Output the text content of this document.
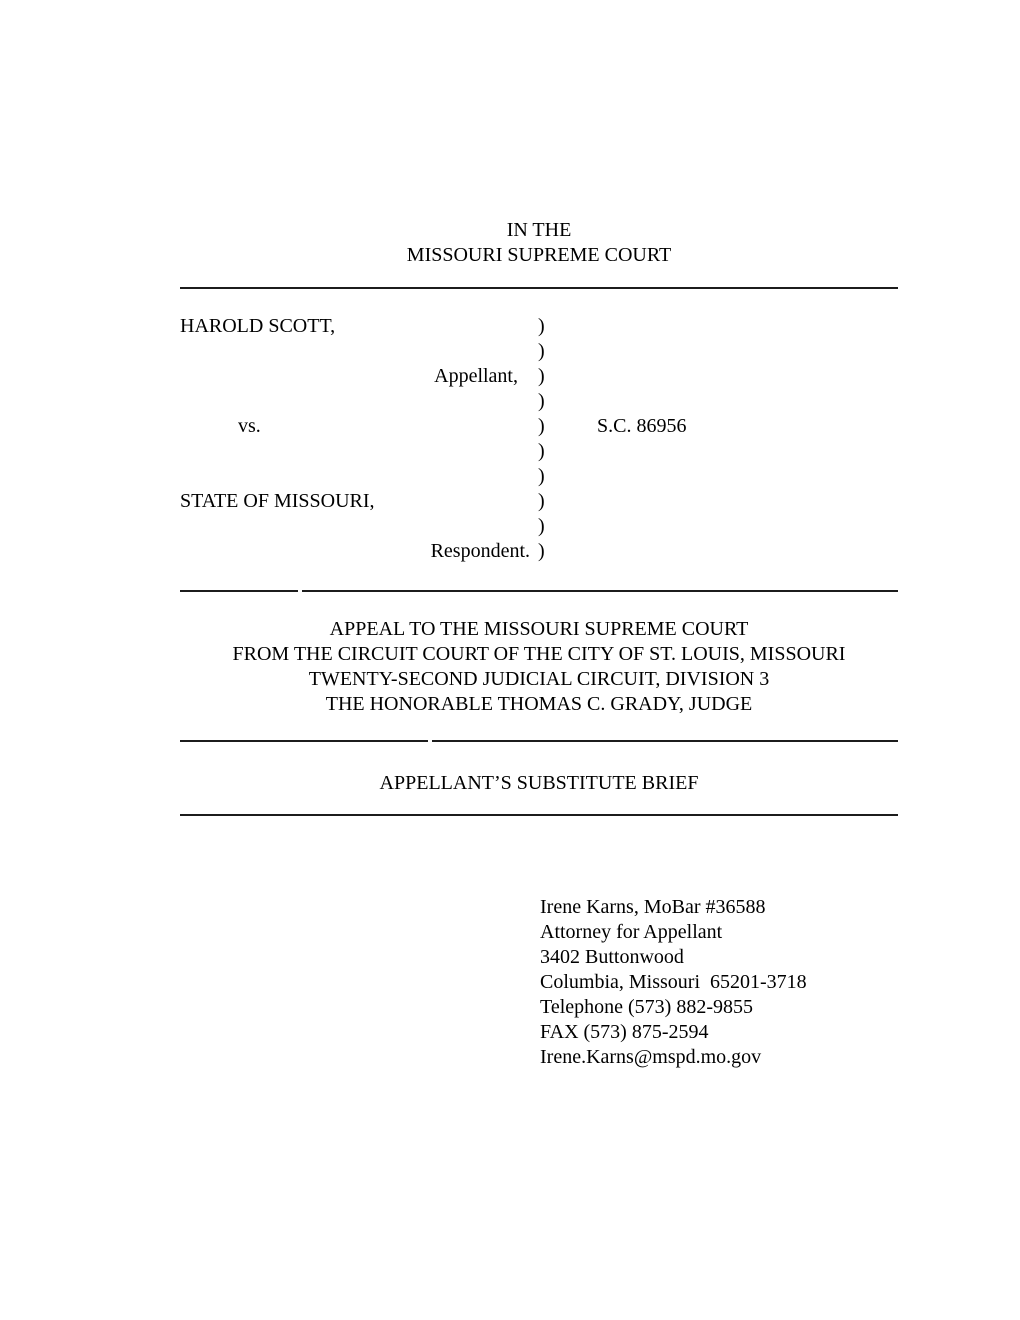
IN THE
MISSOURI SUPREME COURT
HAROLD SCOTT,	)
)
Appellant,	)
)
vs.	)	S.C. 86956
)
)
STATE OF MISSOURI,	)
)
Respondent. )
APPEAL TO THE MISSOURI SUPREME COURT
FROM THE CIRCUIT COURT OF THE CITY OF ST. LOUIS, MISSOURI
TWENTY-SECOND JUDICIAL CIRCUIT, DIVISION 3
THE HONORABLE THOMAS C. GRADY, JUDGE
APPELLANT’S SUBSTITUTE BRIEF
Irene Karns, MoBar #36588
Attorney for Appellant
3402 Buttonwood
Columbia, Missouri  65201-3718
Telephone (573) 882-9855
FAX (573) 875-2594
Irene.Karns@mspd.mo.gov
